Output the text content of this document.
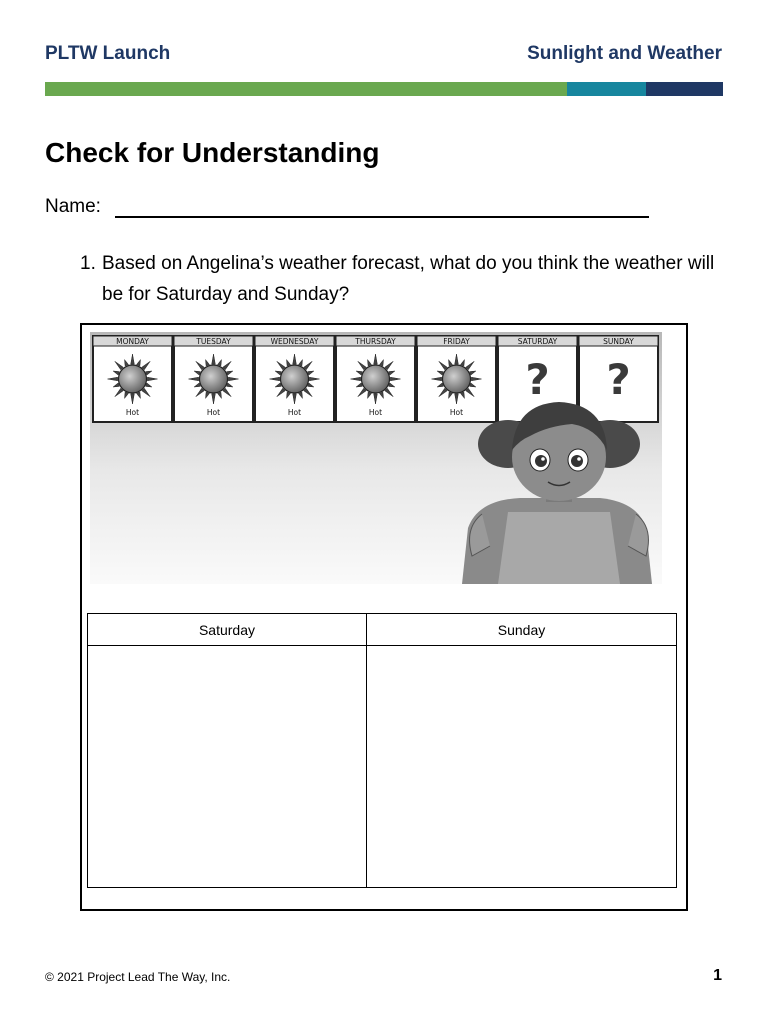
PLTW Launch	Sunlight and Weather
Check for Understanding
Name:
1. Based on Angelina’s weather forecast, what do you think the weather will be for Saturday and Sunday?
MONDAY
Hot
TUESDAY
Hot
WEDNESDAY
Hot
THURSDAY
Hot
FRIDAY
Hot
SATURDAY
?
SUNDAY
?
Saturday	Sunday

© 2021 Project Lead The Way, Inc.	1
